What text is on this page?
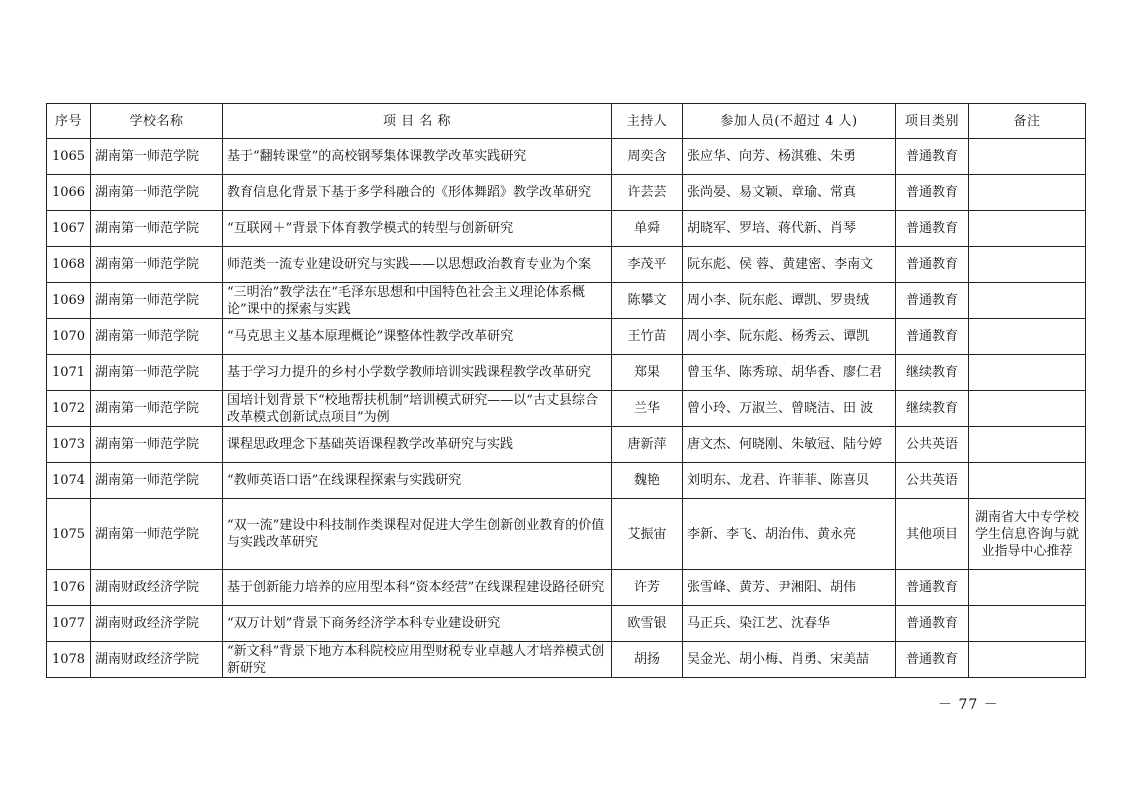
序号	学校名称	项 目 名 称	主持人	参加人员(不超过 4 人)	项目类别	备注
1065	湖南第一师范学院	基于“翻转课堂”的高校钢琴集体课教学改革实践研究	周奕含	张应华、向芳、杨淇雅、朱勇	普通教育	
1066	湖南第一师范学院	教育信息化背景下基于多学科融合的《形体舞蹈》教学改革研究	许芸芸	张尚晏、易文颖、章瑜、常真	普通教育	
1067	湖南第一师范学院	“互联网＋”背景下体育教学模式的转型与创新研究	单舜	胡晓军、罗培、蒋代新、肖琴	普通教育	
1068	湖南第一师范学院	师范类一流专业建设研究与实践——以思想政治教育专业为个案	李茂平	阮东彪、侯 蓉、黄建密、李南文	普通教育	
1069	湖南第一师范学院	“三明治”教学法在“毛泽东思想和中国特色社会主义理论体系概论”课中的探索与实践	陈攀文	周小李、阮东彪、谭凯、罗贵绒	普通教育	
1070	湖南第一师范学院	“马克思主义基本原理概论”课整体性教学改革研究	王竹苗	周小李、阮东彪、杨秀云、谭凯	普通教育	
1071	湖南第一师范学院	基于学习力提升的乡村小学数学教师培训实践课程教学改革研究	郑果	曾玉华、陈秀琼、胡华香、廖仁君	继续教育	
1072	湖南第一师范学院	国培计划背景下“校地帮扶机制”培训模式研究——以“古丈县综合改革模式创新试点项目”为例	兰华	曾小玲、万淑兰、曾晓洁、田 波	继续教育	
1073	湖南第一师范学院	课程思政理念下基础英语课程教学改革研究与实践	唐新萍	唐文杰、何晓刚、朱敏冠、陆兮婷	公共英语	
1074	湖南第一师范学院	“教师英语口语”在线课程探索与实践研究	魏艳	刘明东、龙君、许菲菲、陈喜贝	公共英语	
1075	湖南第一师范学院	“双一流”建设中科技制作类课程对促进大学生创新创业教育的价值与实践改革研究	艾振宙	李新、李飞、胡治伟、黄永亮	其他项目	湖南省大中专学校学生信息咨询与就业指导中心推荐
1076	湖南财政经济学院	基于创新能力培养的应用型本科“资本经营”在线课程建设路径研究	许芳	张雪峰、黄芳、尹湘阳、胡伟	普通教育	
1077	湖南财政经济学院	“双万计划”背景下商务经济学本科专业建设研究	欧雪银	马正兵、染江艺、沈春华	普通教育	
1078	湖南财政经济学院	“新文科”背景下地方本科院校应用型财税专业卓越人才培养模式创新研究	胡扬	吴金光、胡小梅、肖勇、宋美喆	普通教育	
－ 77 －
